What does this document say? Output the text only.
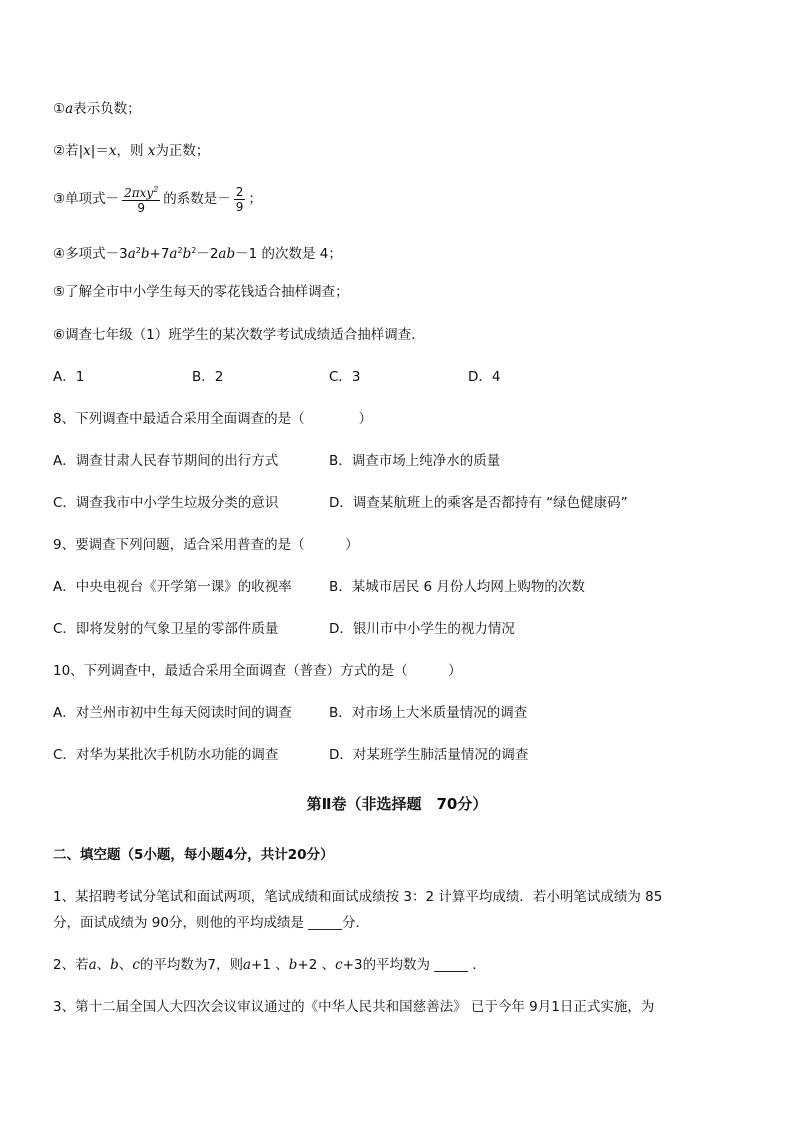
①a表示负数；
②若|x|＝x，则 x为正数；
③单项式－ $\frac{2\pi xy^2}{9}$ 的系数是－ $\frac{2}{9}$ ；
④多项式$-3a^2b+7a^2b^2-2ab-1$ 的次数是 4；
⑤了解全市中小学生每天的零花钱适合抽样调查；
⑥调查七年级（1）班学生的某次数学考试成绩适合抽样调查．
A．1	B．2	C．3	D．4
8、下列调查中最适合采用全面调查的是（　　　　）
A．调查甘肃人民春节期间的出行方式	B．调查市场上纯净水的质量
C．调查我市中小学生垃圾分类的意识	D．调查某航班上的乘客是否都持有 “绿色健康码”
9、要调查下列问题，适合采用普查的是（　　　）
A．中央电视台《开学第一课》的收视率	B．某城市居民 6 月份人均网上购物的次数
C．即将发射的气象卫星的零部件质量	D．银川市中小学生的视力情况
10、下列调查中，最适合采用全面调查（普查）方式的是（　　　）
A．对兰州市初中生每天阅读时间的调查	B．对市场上大米质量情况的调查
C．对华为某批次手机防水功能的调查	D．对某班学生肺活量情况的调查
第Ⅱ卷（非选择题　70分）
二、填空题（5小题，每小题4分，共计20分）
1、某招聘考试分笔试和面试两项，笔试成绩和面试成绩按 3：2 计算平均成绩．若小明笔试成绩为 85
分，面试成绩为 90分，则他的平均成绩是 _____分．
2、若a、b、c的平均数为7，则a+1 、b+2 、c+3的平均数为 _____ ．
3、第十二届全国人大四次会议审议通过的《中华人民共和国慈善法》 已于今年 9月1日正式实施，为
